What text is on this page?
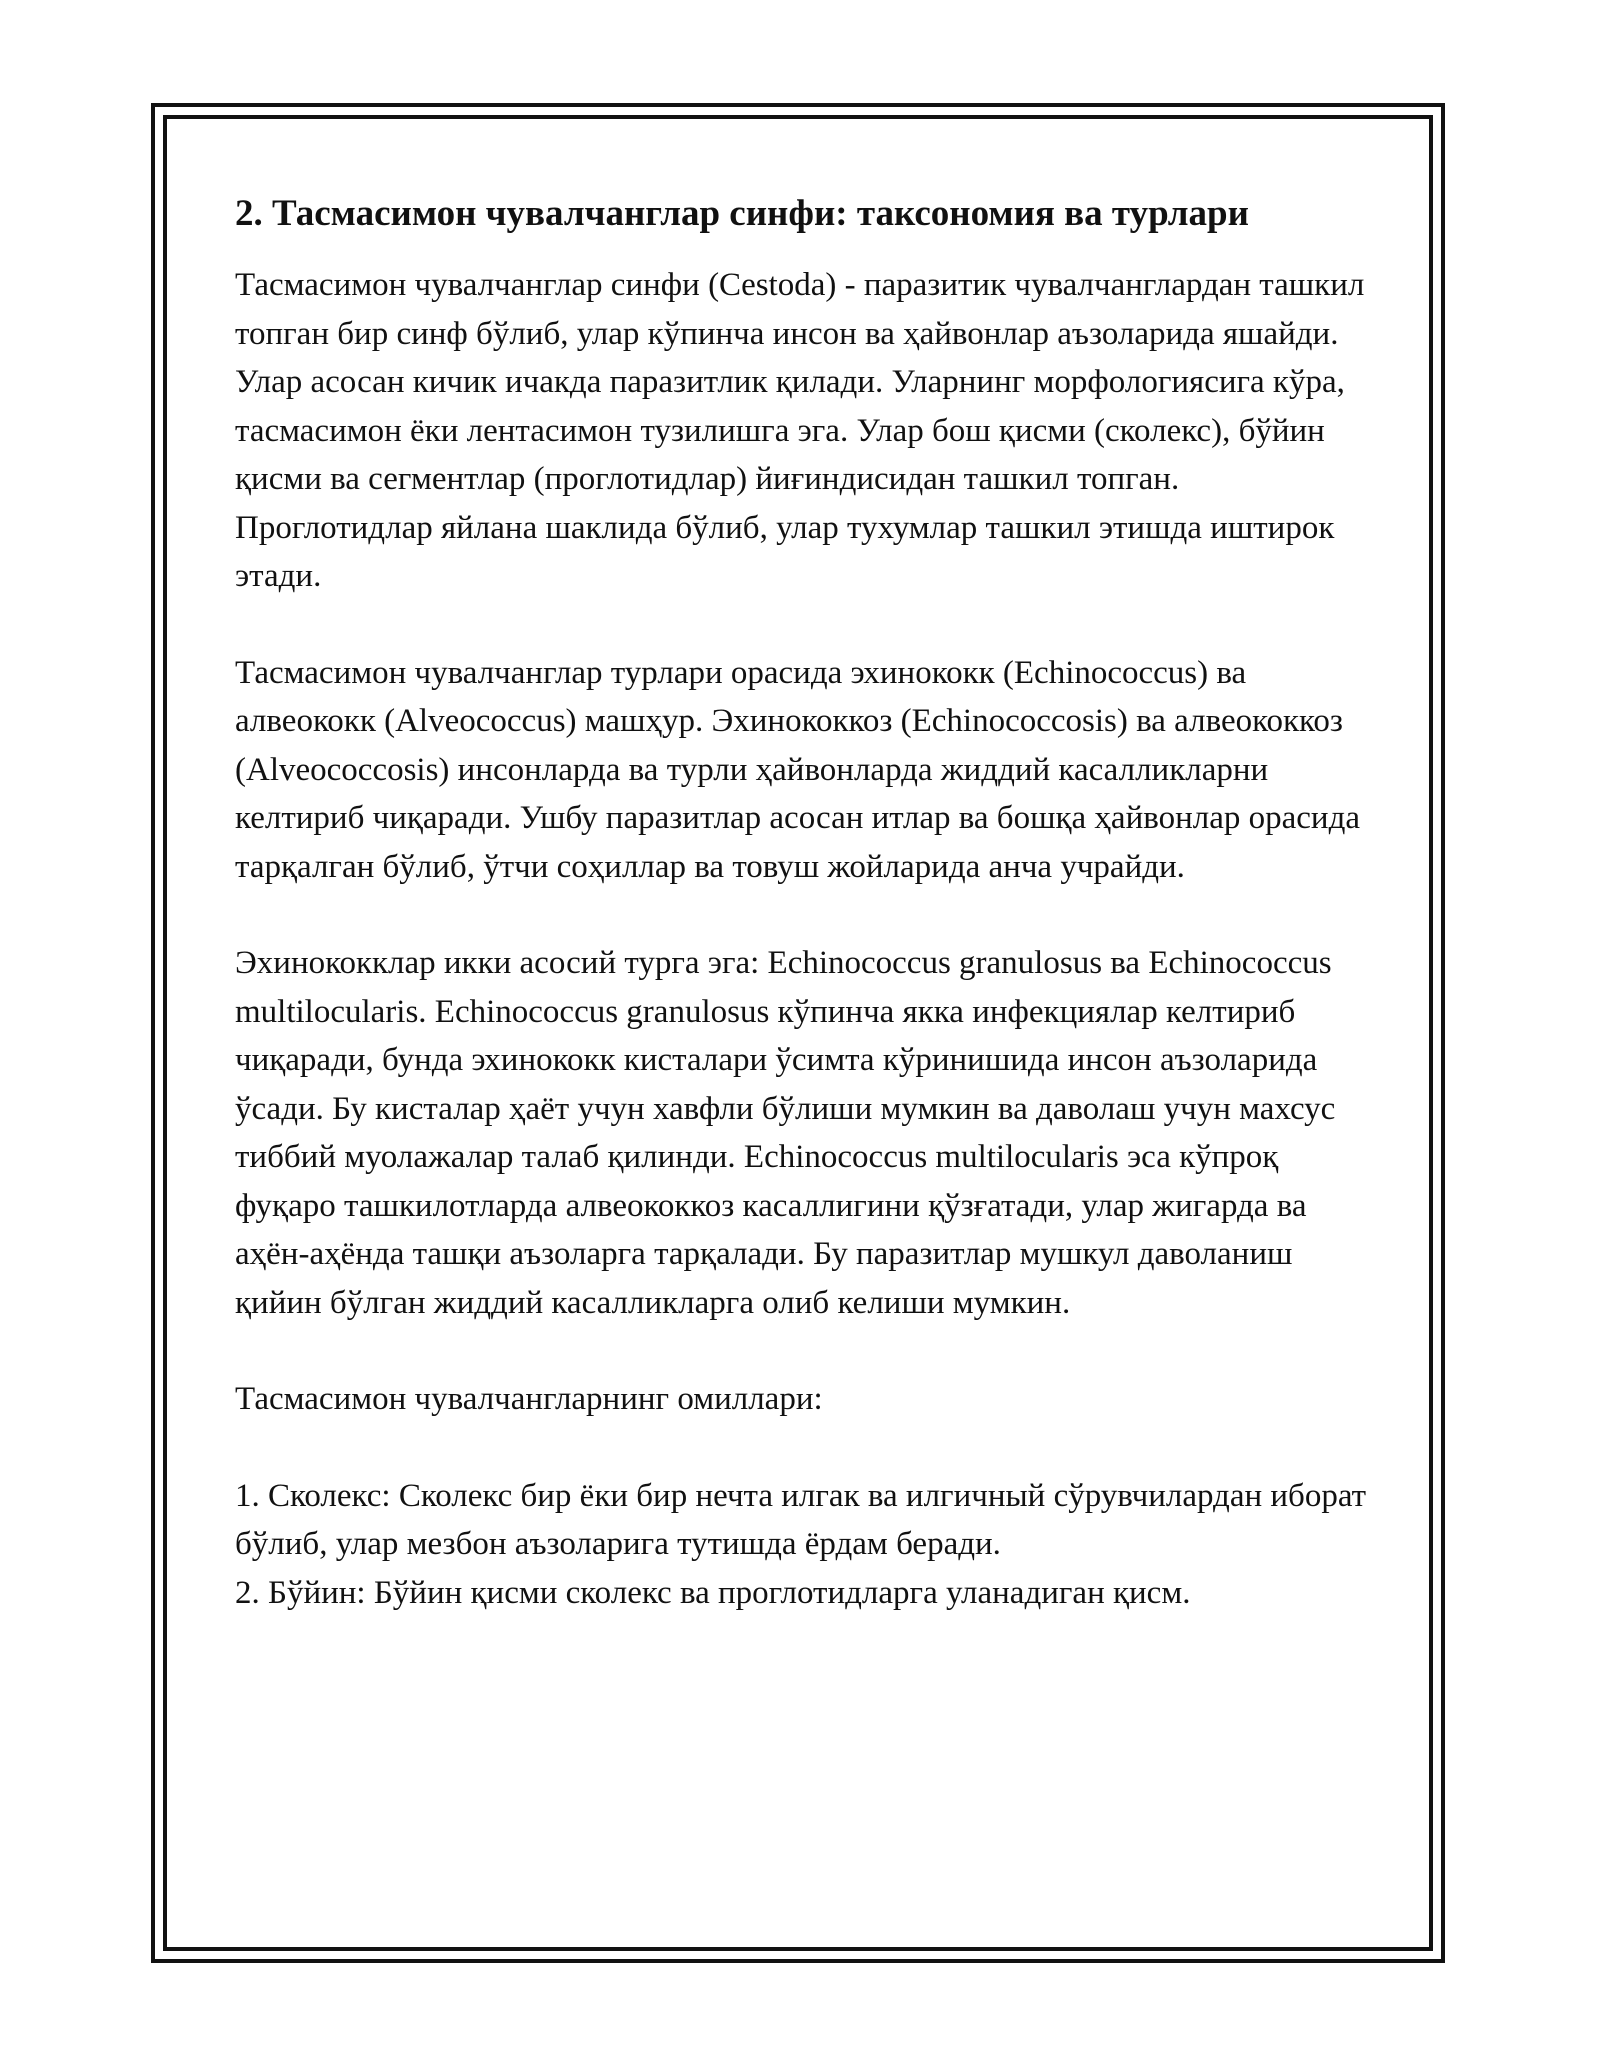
2. Тасмасимон чувалчанглар синфи: таксономия ва турлари

Тасмасимон чувалчанглар синфи (Cestoda) - паразитик чувалчанглардан ташкил топган бир синф бўлиб, улар кўпинча инсон ва ҳайвонлар аъзоларида яшайди. Улар асосан кичик ичакда паразитлик қилади. Уларнинг морфологиясига кўра, тасмасимон ёки лентасимон тузилишга эга. Улар бош қисми (сколекс), бўйин қисми ва сегментлар (проглотидлар) йиғиндисидан ташкил топган. Проглотидлар яйлана шаклида бўлиб, улар тухумлар ташкил этишда иштирок этади.

Тасмасимон чувалчанглар турлари орасида эхинококк (Echinococcus) ва алвеококк (Alveococcus) машҳур. Эхинококкоз (Echinococcosis) ва алвеококкоз (Alveococcosis) инсонларда ва турли ҳайвонларда жиддий касалликларни келтириб чиқаради. Ушбу паразитлар асосан итлар ва бошқа ҳайвонлар орасида тарқалган бўлиб, ўтчи соҳиллар ва товуш жойларида анча учрайди.

Эхинококклар икки асосий турга эга: Echinococcus granulosus ва Echinococcus multilocularis. Echinococcus granulosus кўпинча якка инфекциялар келтириб чиқаради, бунда эхинококк кисталари ўсимта кўринишида инсон аъзоларида ўсади. Бу кисталар ҳаёт учун хавфли бўлиши мумкин ва даволаш учун махсус тиббий муолажалар талаб қилинди. Echinococcus multilocularis эса кўпроқ фуқаро ташкилотларда алвеококкоз касаллигини қўзғатади, улар жигарда ва аҳён-аҳёнда ташқи аъзоларга тарқалади. Бу паразитлар мушкул даволаниш қийин бўлган жиддий касалликларга олиб келиши мумкин.

Тасмасимон чувалчангларнинг омиллари:

1. Сколекс: Сколекс бир ёки бир нечта илгак ва илгичный сўрувчилардан иборат бўлиб, улар мезбон аъзоларига тутишда ёрдам беради.
2. Бўйин: Бўйин қисми сколекс ва проглотидларга уланадиган қисм.
